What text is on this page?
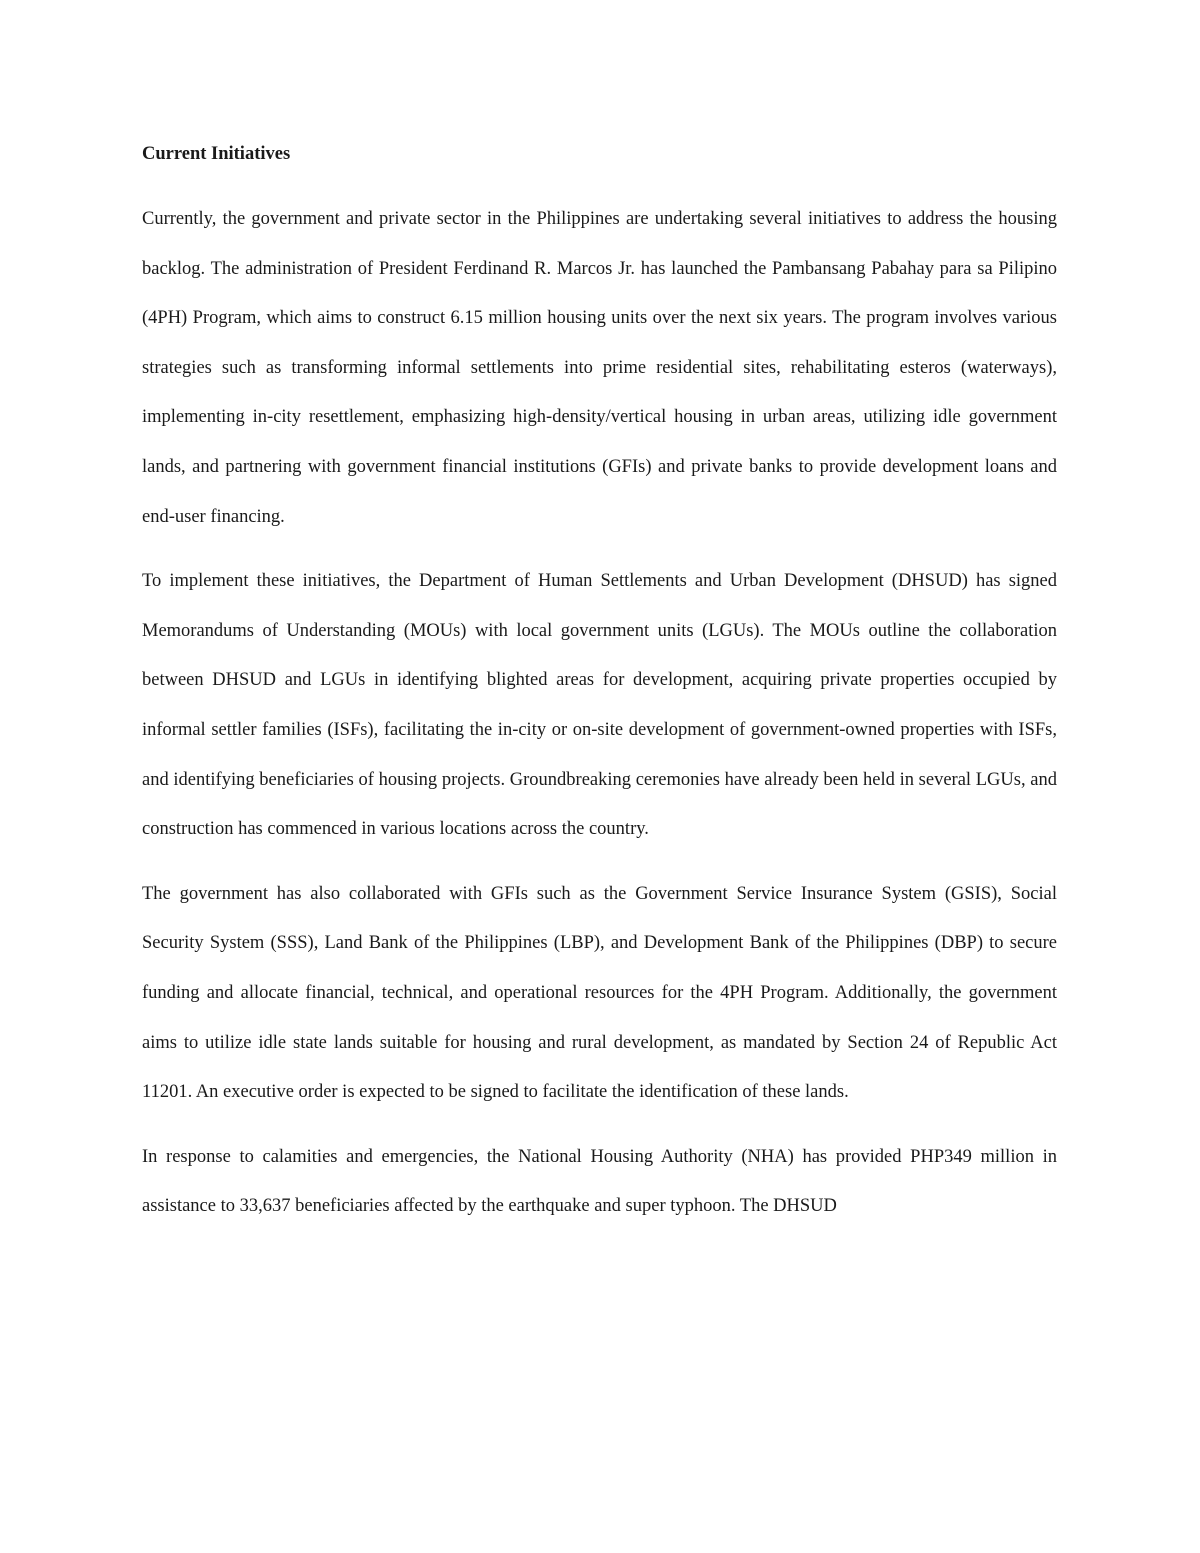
Current Initiatives

Currently, the government and private sector in the Philippines are undertaking several initiatives to address the housing backlog. The administration of President Ferdinand R. Marcos Jr. has launched the Pambansang Pabahay para sa Pilipino (4PH) Program, which aims to construct 6.15 million housing units over the next six years. The program involves various strategies such as transforming informal settlements into prime residential sites, rehabilitating esteros (waterways), implementing in-city resettlement, emphasizing high-density/vertical housing in urban areas, utilizing idle government lands, and partnering with government financial institutions (GFIs) and private banks to provide development loans and end-user financing.

To implement these initiatives, the Department of Human Settlements and Urban Development (DHSUD) has signed Memorandums of Understanding (MOUs) with local government units (LGUs). The MOUs outline the collaboration between DHSUD and LGUs in identifying blighted areas for development, acquiring private properties occupied by informal settler families (ISFs), facilitating the in-city or on-site development of government-owned properties with ISFs, and identifying beneficiaries of housing projects. Groundbreaking ceremonies have already been held in several LGUs, and construction has commenced in various locations across the country.

The government has also collaborated with GFIs such as the Government Service Insurance System (GSIS), Social Security System (SSS), Land Bank of the Philippines (LBP), and Development Bank of the Philippines (DBP) to secure funding and allocate financial, technical, and operational resources for the 4PH Program. Additionally, the government aims to utilize idle state lands suitable for housing and rural development, as mandated by Section 24 of Republic Act 11201. An executive order is expected to be signed to facilitate the identification of these lands.

In response to calamities and emergencies, the National Housing Authority (NHA) has provided PHP349 million in assistance to 33,637 beneficiaries affected by the earthquake and super typhoon. The DHSUD
